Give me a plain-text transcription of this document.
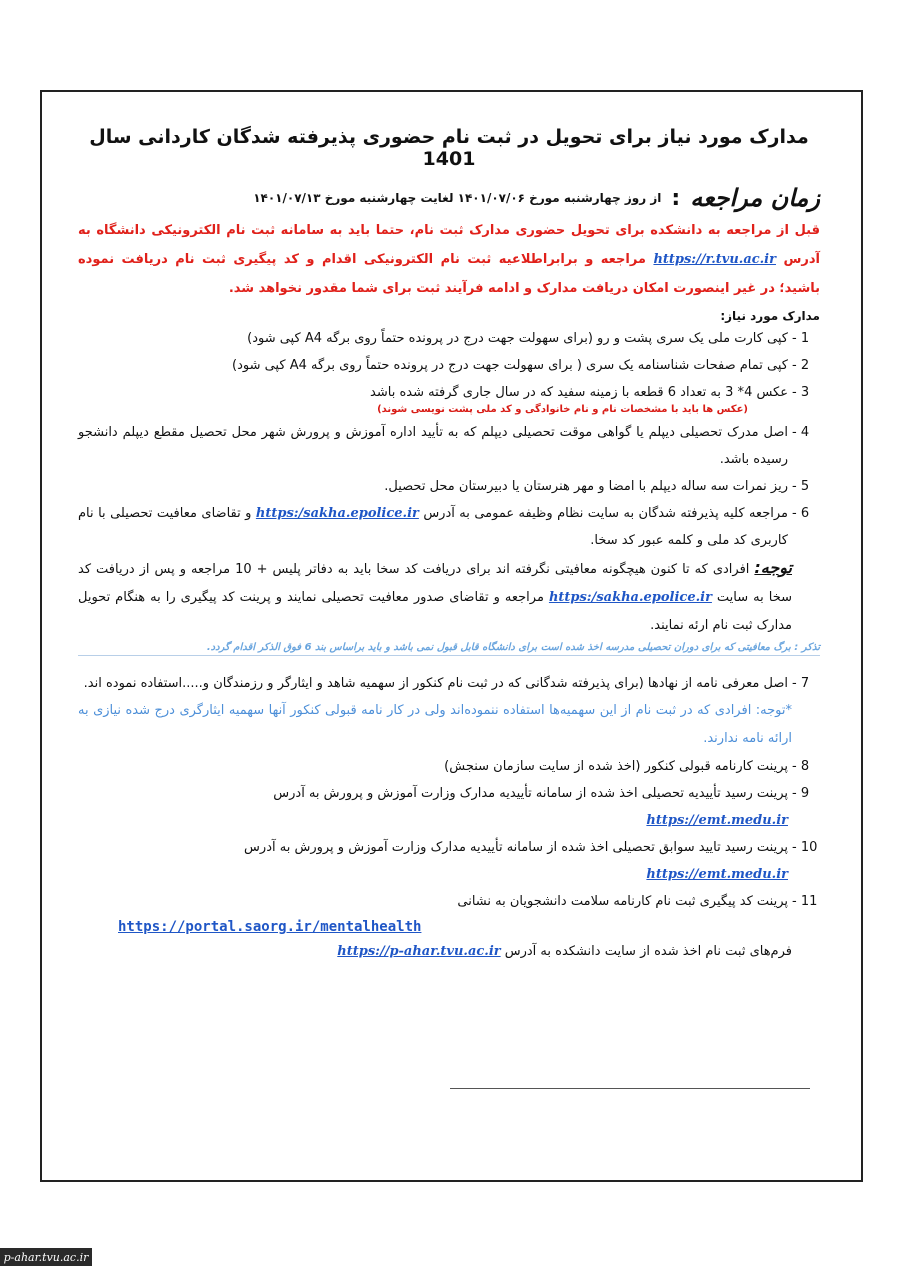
مدارک مورد نیاز برای تحویل در ثبت نام حضوری پذیرفته شدگان کاردانی سال 1401
زمان مراجعه
:
از روز چهارشنبه مورخ ۱۴۰۱/۰۷/۰۶ لغایت چهارشنبه مورخ ۱۴۰۱/۰۷/۱۳
قبل از مراجعه به دانشکده برای تحویل حضوری مدارک ثبت نام، حتما باید به سامانه ثبت نام الکترونیکی دانشگاه به آدرس https://r.tvu.ac.ir مراجعه و برابراطلاعیه ثبت نام الکترونیکی اقدام و کد پیگیری ثبت نام دریافت نموده باشید؛ در غیر اینصورت امکان دریافت مدارک و ادامه فرآیند ثبت برای شما مقدور نخواهد شد.
مدارک مورد نیاز:
1 -
کپی کارت ملی یک سری پشت و رو (برای سهولت جهت درج در پرونده حتماً روی برگه A4 کپی شود)
2 -
کپی تمام صفحات شناسنامه یک سری ( برای سهولت جهت درج در پرونده حتماً روی برگه A4 کپی شود)
3 -
عکس 4* 3 به تعداد 6 قطعه با زمینه سفید که در سال جاری گرفته شده باشد
(عکس ها باید با مشخصات نام و نام خانوادگی و کد ملی پشت نویسی شوند)
4 -
اصل مدرک تحصیلی دیپلم یا گواهی موقت تحصیلی دیپلم که به تأیید اداره آموزش و پرورش شهر محل تحصیل مقطع دیپلم دانشجو رسیده باشد.
5 -
ریز نمرات سه ساله دیپلم با امضا و مهر هنرستان یا دبیرستان محل تحصیل.
6 -
مراجعه کلیه پذیرفته شدگان به سایت نظام وظیفه عمومی به آدرس https:/sakha.epolice.ir و تقاضای معافیت تحصیلی با نام کاربری کد ملی و کلمه عبور کد سخا.
توجه: افرادی که تا کنون هیچگونه معافیتی نگرفته اند برای دریافت کد سخا باید به دفاتر پلیس + 10 مراجعه و پس از دریافت کد سخا به سایت https:/sakha.epolice.ir مراجعه و تقاضای صدور معافیت تحصیلی نمایند و پرینت کد پیگیری را به هنگام تحویل مدارک ثبت نام ارئه نمایند.
تذکر : برگ معافیتی که برای دوران تحصیلی مدرسه اخذ شده است برای دانشگاه قابل قبول نمی باشد و باید براساس بند 6 فوق الذکر اقدام گردد.
7 -
اصل معرفی نامه از نهادها (برای پذیرفته شدگانی که در ثبت نام کنکور از سهمیه شاهد و ایثارگر و رزمندگان و.....استفاده نموده اند.
*توجه: افرادی که در ثبت نام از این سهمیه‌ها استفاده ننموده‌اند ولی در کار نامه قبولی کنکور آنها سهمیه ایثارگری درج شده نیازی به ارائه نامه ندارند.
8 -
پرینت کارنامه قبولی کنکور (اخذ شده از سایت سازمان سنجش)
9 -
پرینت رسید تأییدیه تحصیلی اخذ شده از سامانه تأییدیه مدارک وزارت آموزش و پرورش به آدرس
https://emt.medu.ir
10 -
پرینت رسید تایید سوابق تحصیلی اخذ شده از سامانه تأییدیه مدارک وزارت آموزش و پرورش به آدرس
https://emt.medu.ir
11 -
پرینت کد پیگیری ثبت نام کارنامه سلامت دانشجویان به نشانی
https://portal.saorg.ir/mentalhealth
فرم‌های ثبت نام اخذ شده از سایت دانشکده به آدرس https://p-ahar.tvu.ac.ir
p-ahar.tvu.ac.ir
